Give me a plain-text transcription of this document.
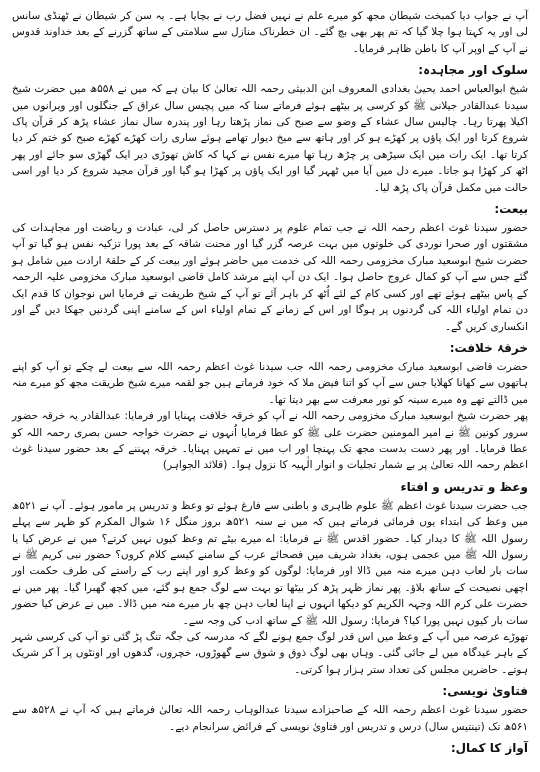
آپ نے جواب دیا کمبخت شیطان مجھ کو میرے علم نے نہیں فضل رب نے بچایا ہے۔ یہ سن کر شیطان نے ٹھنڈی سانس لی اور یہ کہتا ہوا چلا گیا کہ تم پھر بھی بچ گئے۔ ان خطرناک منازل سے سلامتی کے ساتھ گزرنے کے بعد خداوند قدوس نے آپ کے اوپر آپ کا باطن ظاہر فرمایا۔

سلوک اور مجاہدہ:

شیخ ابوالعباس احمد یحییٰ بغدادی المعروف ابن الدبیثی رحمہ اللہ تعالیٰ کا بیان ہے کہ میں نے ۵۵۸ھ میں حضرت شیخ سیدنا عبدالقادر جیلانی ﷺ کو کرسی پر بیٹھے ہوئے فرماتے سنا کہ میں پچیس سال عراق کے جنگلوں اور ویرانوں میں اکیلا پھرتا رہا۔ چالیس سال عشاء کے وضو سے صبح کی نماز پڑھتا رہا اور پندرہ سال نماز عشاء پڑھ کر قرآن پاک شروع کرتا اور ایک پاؤں پر کھڑے ہو کر اور ہاتھ سے میخ دیوار تھامے ہوئے ساری رات کھڑے کھڑے صبح کو ختم کر دیا کرتا تھا۔ ایک رات میں ایک سیڑھی پر چڑھ رہا تھا میرے نفس نے کہا کہ کاش تھوڑی دیر ایک گھڑی سو جائے اور پھر اٹھ کر کھڑا ہو جاتا۔ میرے دل میں آیا میں ٹھہر گیا اور ایک پاؤں پر کھڑا ہو گیا اور قرآن مجید شروع کر دیا اور اسی حالت میں مکمل قرآن پاک پڑھ لیا۔

بیعت:

حضور سیدنا غوث اعظم رحمہ اللہ نے جب تمام علوم پر دسترس حاصل کر لی، عبادت و ریاضت اور مجاہدات کی مشقتوں اور صحرا نوردی کی خلوتوں میں بہت عرصہ گزر گیا اور محنت شاقہ کے بعد پورا تزکیہ نفس ہو گیا تو آپ حضرت شیخ ابوسعید مبارک مخزومی رحمہ اللہ کی خدمت میں حاضر ہوئے اور بیعت کر کے حلقۂ ارادت میں شامل ہو گئے جس سے آپ کو کمال عروج حاصل ہوا۔ ایک دن آپ اپنے مرشد کامل قاضی ابوسعید مبارک مخزومی علیہ الرحمہ کے پاس بیٹھے ہوئے تھے اور کسی کام کے لئے اُٹھ کر باہر آئے تو آپ کے شیخ طریقت نے فرمایا اس نوجوان کا قدم ایک دن تمام اولیاء اللہ کی گردنوں پر ہوگا اور اس کے زمانے کے تمام اولیاء اس کے سامنے اپنی گردنیں جھکا دیں گے اور انکساری کریں گے۔

خرقۂ خلافت:

حضرت قاضی ابوسعید مبارک مخزومی رحمہ اللہ جب سیدنا غوث اعظم رحمہ اللہ سے بیعت لے چکے تو آپ کو اپنے ہاتھوں سے کھانا کھلایا جس سے آپ کو اتنا فیض ملا کہ خود فرماتے ہیں جو لقمہ میرے شیخ طریقت مجھ کو میرے منہ میں ڈالتے تھے وہ میرے سینہ کو نور معرفت سے بھر دیتا تھا۔

پھر حضرت شیخ ابوسعید مبارک مخزومی رحمہ اللہ نے آپ کو خرقہ خلافت پہنایا اور فرمایا: عبدالقادر یہ خرقہ حضور سرور کونین ﷺ نے امیر المومنین حضرت علی ﷺ کو عطا فرمایا اُنہوں نے حضرت خواجہ حسن بصری رحمہ اللہ کو عطا فرمایا۔ اور پھر دست بدست مجھ تک پہنچا اور اب میں نے تمہیں پہنایا۔ خرقہ پہننے کے بعد حضور سیدنا غوث اعظم رحمہ اللہ تعالیٰ پر بے شمار تجلیات و انوار الٰہیہ کا نزول ہوا۔ (قلائد الجواہر)

وعظ و تدریس و افتاء

جب حضرت سیدنا غوث اعظم ﷺ علوم ظاہری و باطنی سے فارغ ہوئے تو وعظ و تدریس پر مامور ہوئے۔ آپ نے ۵۲۱ھ میں وعظ کی ابتداء یوں فرمائی فرماتے ہیں کہ میں نے سنہ ۵۲۱ھ بروز منگل ۱۶ شوال المکرم کو ظہر سے پہلے رسول اللہ ﷺ کا دیدار کیا۔ حضور اقدس ﷺ نے فرمایا: اے میرے بیٹے تم وعظ کیوں نہیں کرتے؟ میں نے عرض کیا یا رسول اللہ ﷺ میں عجمی ہوں، بغداد شریف میں فصحائے عرب کے سامنے کیسے کلام کروں؟ حضور نبی کریم ﷺ نے سات بار لعاب دہن میرے منہ میں ڈالا اور فرمایا: لوگوں کو وعظ کرو اور اپنے رب کے راستے کی طرف حکمت اور اچھی نصیحت کے ساتھ بلاؤ۔ پھر نماز ظہر پڑھ کر بیٹھا تو بہت سے لوگ جمع ہو گئے، میں کچھ گھبرا گیا۔ پھر میں نے حضرت علی کرم اللہ وجہہ الکریم کو دیکھا انہوں نے اپنا لعاب دہن چھ بار میرے منہ میں ڈالا۔ میں نے عرض کیا حضور سات بار کیوں نہیں پورا کیا؟ فرمایا: رسول اللہ ﷺ کے ساتھ ادب کی وجہ سے۔

تھوڑے عرصہ میں آپ کے وعظ میں اس قدر لوگ جمع ہونے لگے کہ مدرسہ کی جگہ تنگ پڑ گئی تو آپ کی کرسی شہر کے باہر عیدگاہ میں لے جائی گئی۔ وہاں بھی لوگ ذوق و شوق سے گھوڑوں، خچروں، گدھوں اور اونٹوں پر آ کر شریک ہوتے۔ حاضرین مجلس کی تعداد ستر ہزار ہوا کرتی۔

فتاویٰ نویسی:

حضور سیدنا غوث اعظم رحمہ اللہ کے صاحبزادے سیدنا عبدالوہاب رحمہ اللہ تعالیٰ فرماتے ہیں کہ آپ نے ۵۲۸ھ سے ۵۶۱ھ تک (تینتیس سال) درس و تدریس اور فتاویٰ نویسی کے فرائض سرانجام دیے۔

آواز کا کمال:
